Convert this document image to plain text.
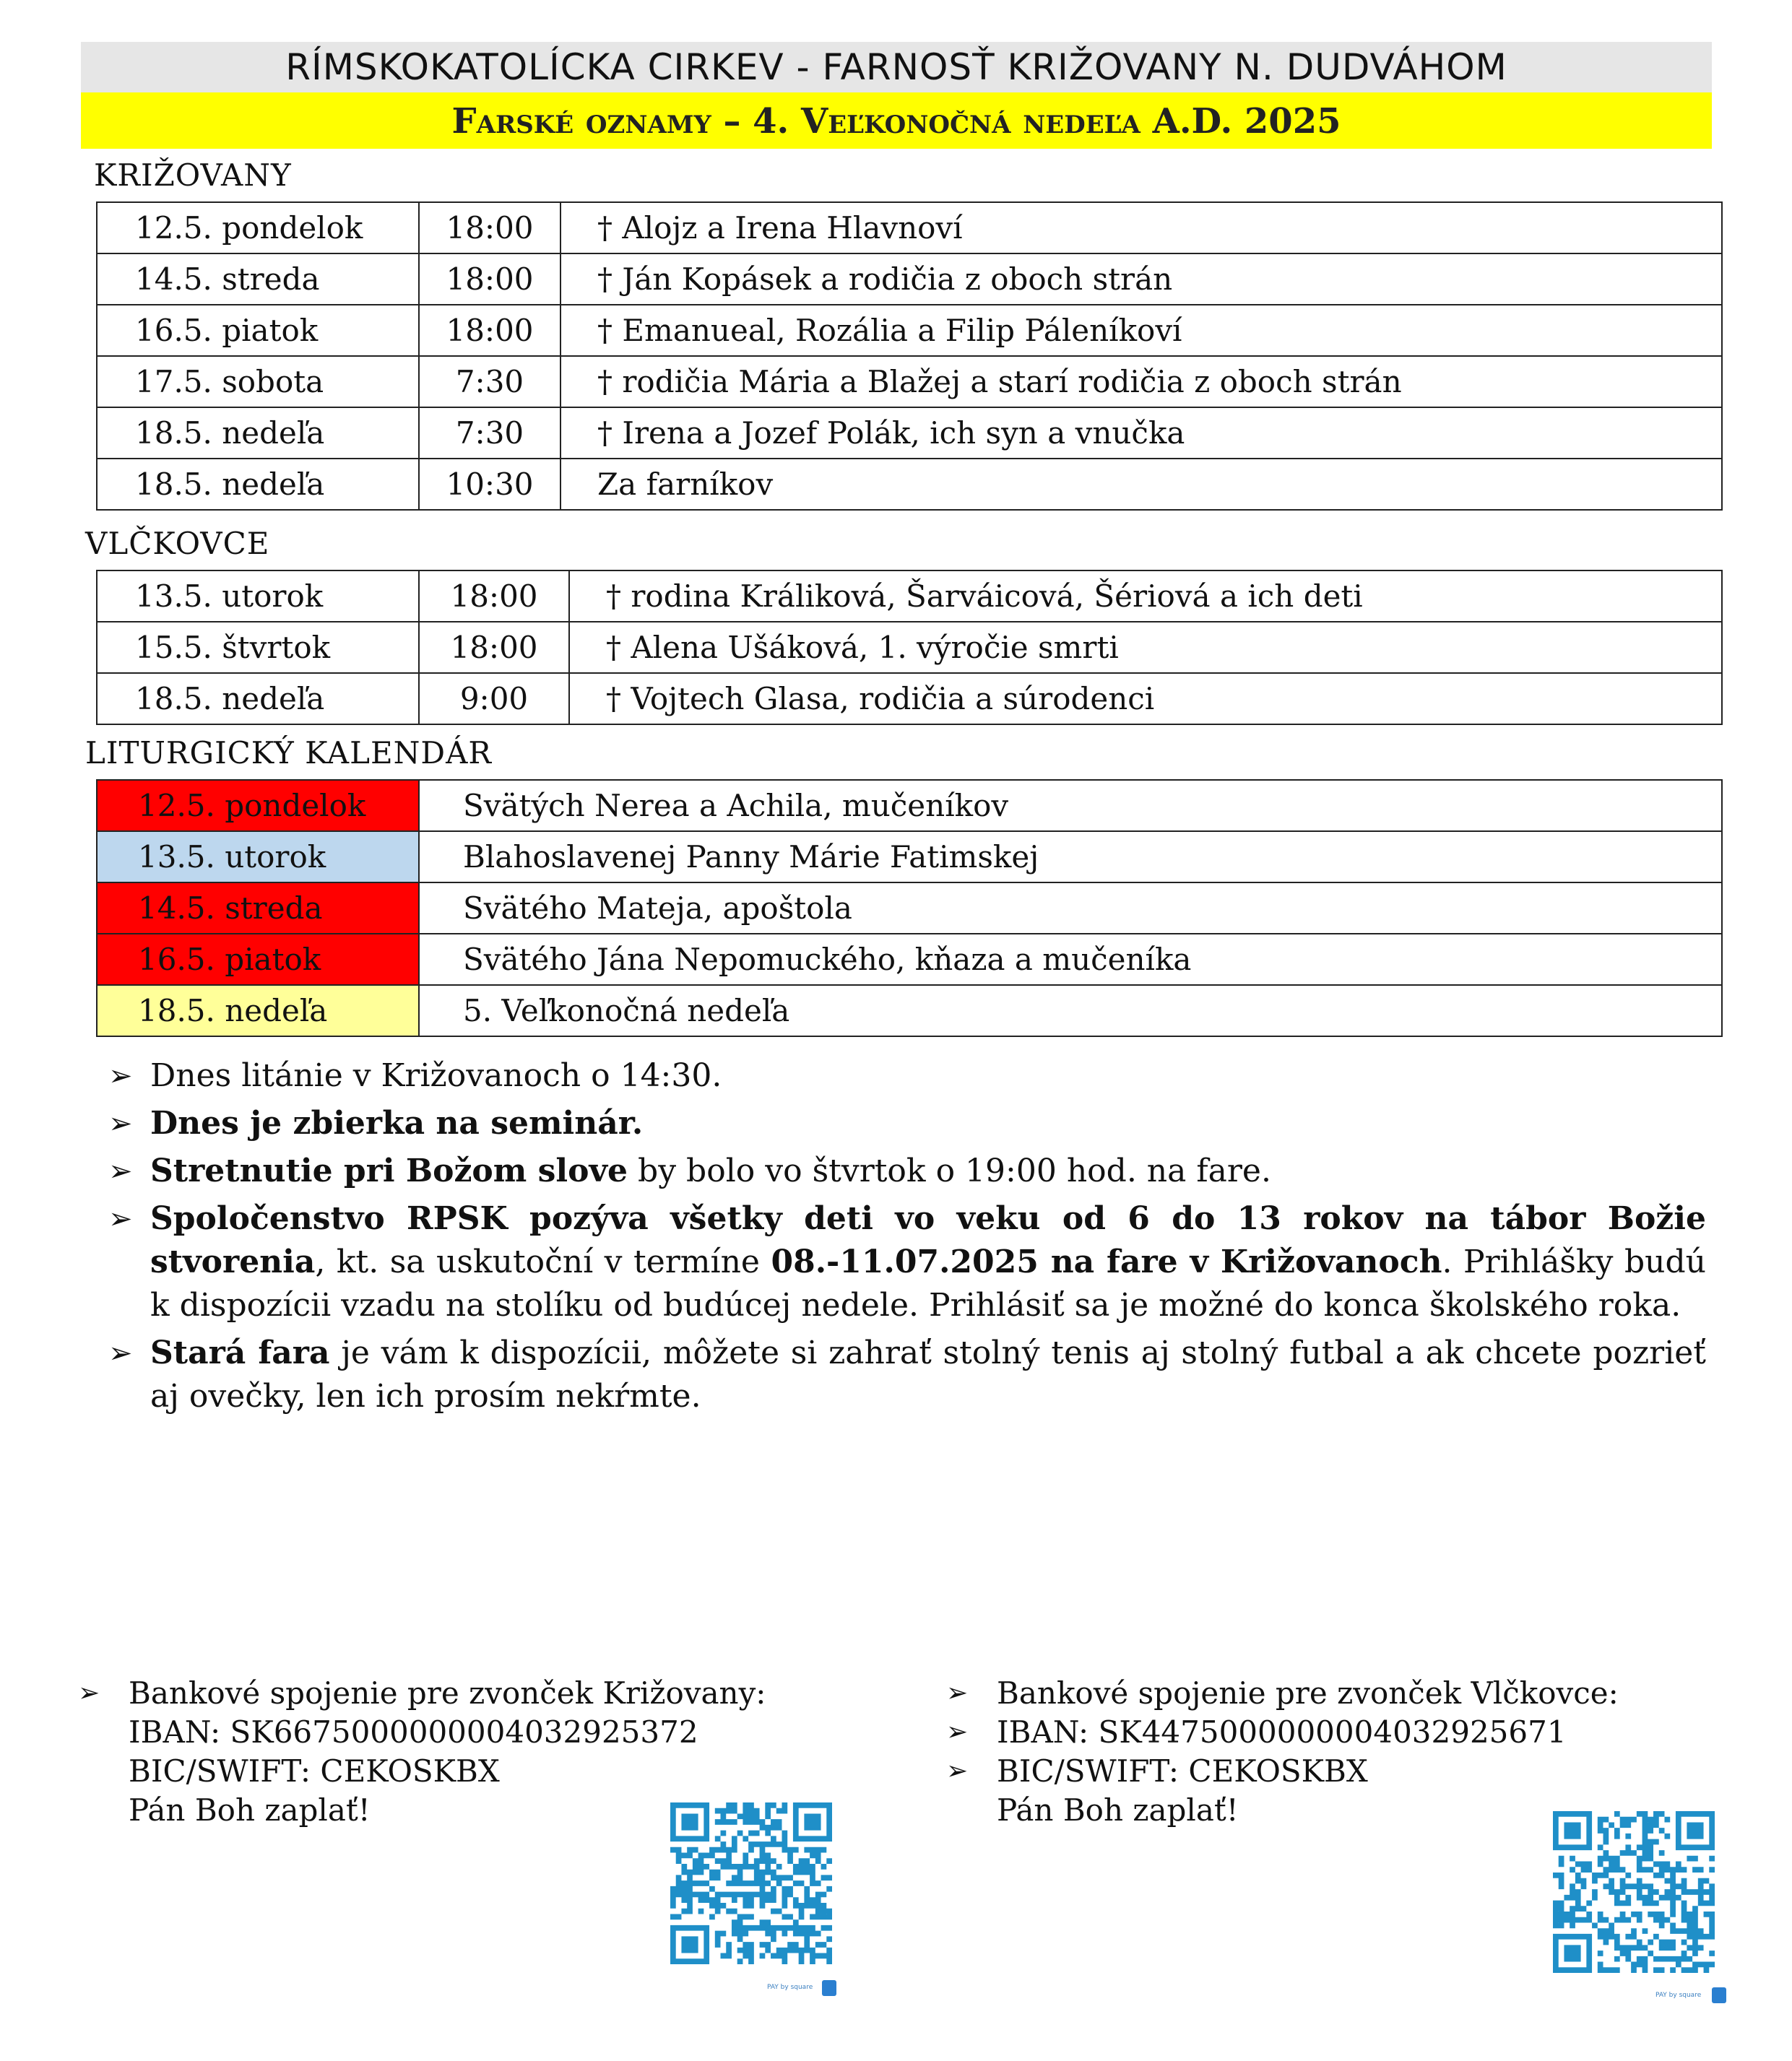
RÍMSKOKATOLÍCKA CIRKEV - FARNOSŤ KRIŽOVANY N. DUDVÁHOM
Farské oznamy – 4. Veľkonočná nedeľa A.D. 2025
KRIŽOVANY
12.5. pondelok	18:00	† Alojz a Irena Hlavnoví
14.5. streda	18:00	† Ján Kopásek a rodičia z oboch strán
16.5. piatok	18:00	† Emanueal, Rozália a Filip Páleníkoví
17.5. sobota	7:30	† rodičia Mária a Blažej a starí rodičia z oboch strán
18.5. nedeľa	7:30	† Irena a Jozef Polák, ich syn a vnučka
18.5. nedeľa	10:30	Za farníkov
VLČKOVCE
13.5. utorok	18:00	† rodina Králiková, Šarváicová, Šériová a ich deti
15.5. štvrtok	18:00	† Alena Ušáková, 1. výročie smrti
18.5. nedeľa	9:00	† Vojtech Glasa, rodičia a súrodenci
LITURGICKÝ KALENDÁR
12.5. pondelok	Svätých Nerea a Achila, mučeníkov
13.5. utorok	Blahoslavenej Panny Márie Fatimskej
14.5. streda	Svätého Mateja, apoštola
16.5. piatok	Svätého Jána Nepomuckého, kňaza a mučeníka
18.5. nedeľa	5. Veľkonočná nedeľa
➢ Dnes litánie v Križovanoch o 14:30.
➢ Dnes je zbierka na seminár.
➢ Stretnutie pri Božom slove by bolo vo štvrtok o 19:00 hod. na fare.
➢ Spoločenstvo RPSK pozýva všetky deti vo veku od 6 do 13 rokov na tábor Božie stvorenia, kt. sa uskutoční v termíne 08.-11.07.2025 na fare v Križovanoch. Prihlášky budú k dispozícii vzadu na stolíku od budúcej nedele. Prihlásiť sa je možné do konca školského roka.
➢ Stará fara je vám k dispozícii, môžete si zahrať stolný tenis aj stolný futbal a ak chcete pozrieť aj ovečky, len ich prosím nekŕmte.
➢ Bankové spojenie pre zvonček Križovany:
IBAN: SK6675000000004032925372
BIC/SWIFT: CEKOSKBX
Pán Boh zaplať!
➢ Bankové spojenie pre zvonček Vlčkovce:
➢ IBAN: SK4475000000004032925671
➢ BIC/SWIFT: CEKOSKBX
Pán Boh zaplať!
PAY by square
PAY by square
